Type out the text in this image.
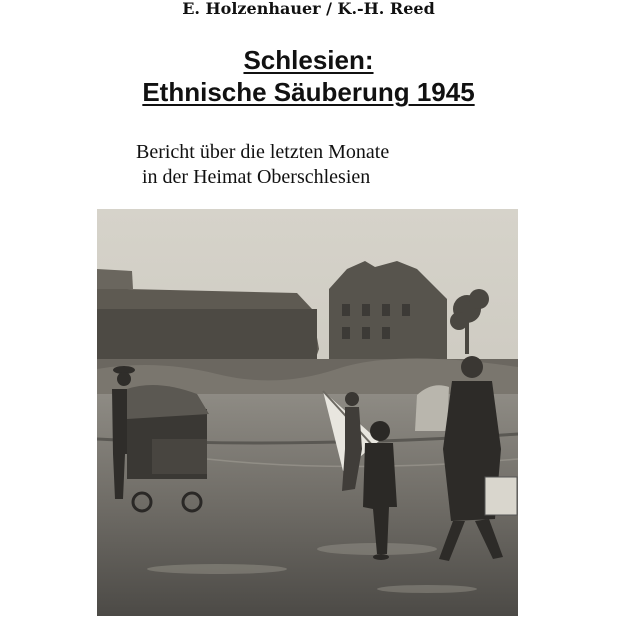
E. Holzenhauer / K.-H. Reed
Schlesien:
Ethnische Säuberung 1945
Bericht über die letzten Monate
in der Heimat Oberschlesien
